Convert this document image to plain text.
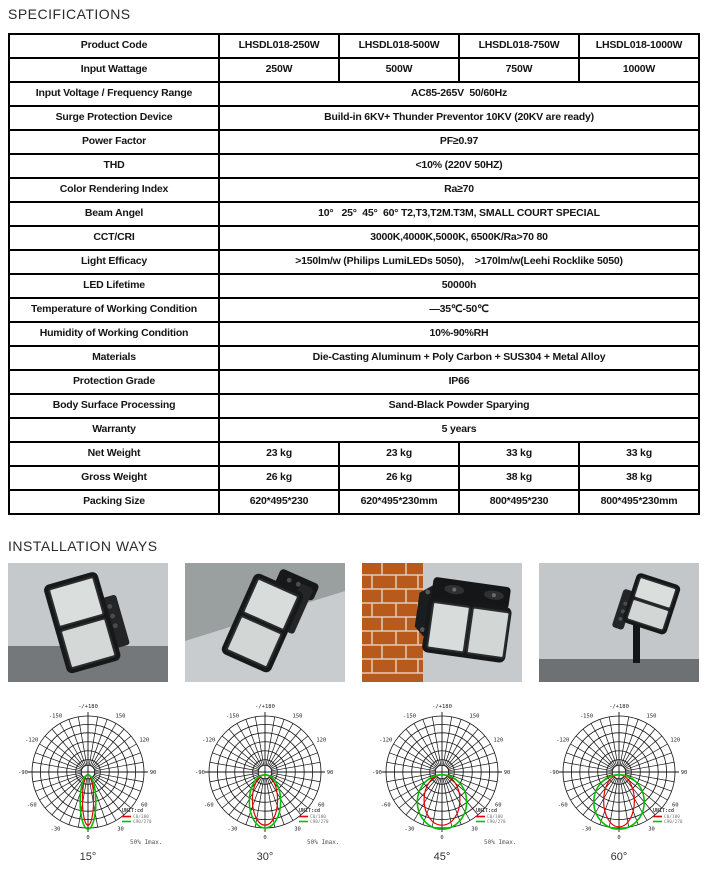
SPECIFICATIONS
Product Code	LHSDL018-250W	LHSDL018-500W	LHSDL018-750W	LHSDL018-1000W
Input Wattage	250W	500W	750W	1000W
Input Voltage / Frequency Range	AC85-265V  50/60Hz			
Surge Protection Device	Build-in 6KV+ Thunder Preventor 10KV (20KV are ready)			
Power Factor	PF≥0.97			
THD	<10% (220V 50HZ)			
Color Rendering Index	Ra≥70			
Beam Angel	10°   25°  45°  60° T2,T3,T2M.T3M, SMALL COURT SPECIAL			
CCT/CRI	3000K,4000K,5000K, 6500K/Ra>70 80			
Light Efficacy	>150lm/w (Philips LumiLEDs 5050),    >170lm/w(Leehi Rocklike 5050)			
LED Lifetime	50000h			
Temperature of Working Condition	—35℃-50℃			
Humidity of Working Condition	10%-90%RH			
Materials	Die-Casting Aluminum + Poly Carbon + SUS304 + Metal Alloy			
Protection Grade	IP66			
Body Surface Processing	Sand-Black Powder Sparying			
Warranty	5 years			
Net Weight	23 kg	23 kg	33 kg	33 kg
Gross Weight	26 kg	26 kg	38 kg	38 kg
Packing Size	620*495*230	620*495*230mm	800*495*230	800*495*230mm
INSTALLATION WAYS
0
30
60
90
120
150
-30
-60
-90
-120
-150
-/+180
UNIT:cd
C0/180
C90/270
50% Imax.
15°
0
30
60
90
120
150
-30
-60
-90
-120
-150
-/+180
UNIT:cd
C0/180
C90/270
50% Imax.
30°
0
30
60
90
120
150
-30
-60
-90
-120
-150
-/+180
UNIT:cd
C0/180
C90/270
50% Imax.
45°
0
30
60
90
120
150
-30
-60
-90
-120
-150
-/+180
UNIT:cd
C0/180
C90/270
60°
